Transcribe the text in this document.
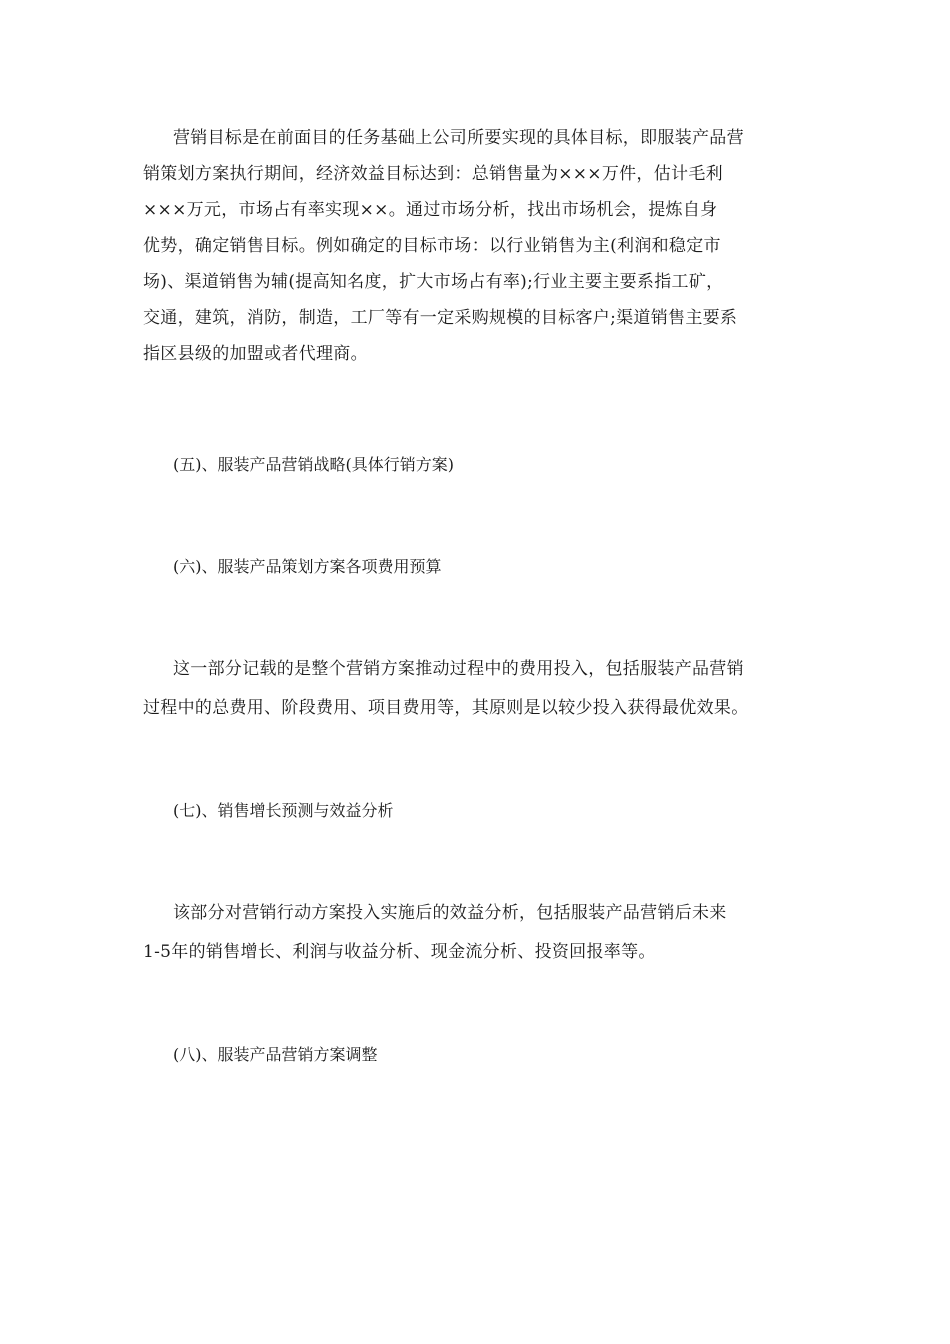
营销目标是在前面目的任务基础上公司所要实现的具体目标，即服装产品营
销策划方案执行期间，经济效益目标达到：总销售量为×××万件，估计毛利
×××万元，市场占有率实现××。通过市场分析，找出市场机会，提炼自身
优势，确定销售目标。例如确定的目标市场：以行业销售为主(利润和稳定市
场)、渠道销售为辅(提高知名度，扩大市场占有率);行业主要主要系指工矿，
交通，建筑，消防，制造，工厂等有一定采购规模的目标客户;渠道销售主要系
指区县级的加盟或者代理商。
(五)、服装产品营销战略(具体行销方案)
(六)、服装产品策划方案各项费用预算
这一部分记载的是整个营销方案推动过程中的费用投入，包括服装产品营销
过程中的总费用、阶段费用、项目费用等，其原则是以较少投入获得最优效果。
(七)、销售增长预测与效益分析
该部分对营销行动方案投入实施后的效益分析，包括服装产品营销后未来
1-5年的销售增长、利润与收益分析、现金流分析、投资回报率等。
(八)、服装产品营销方案调整
